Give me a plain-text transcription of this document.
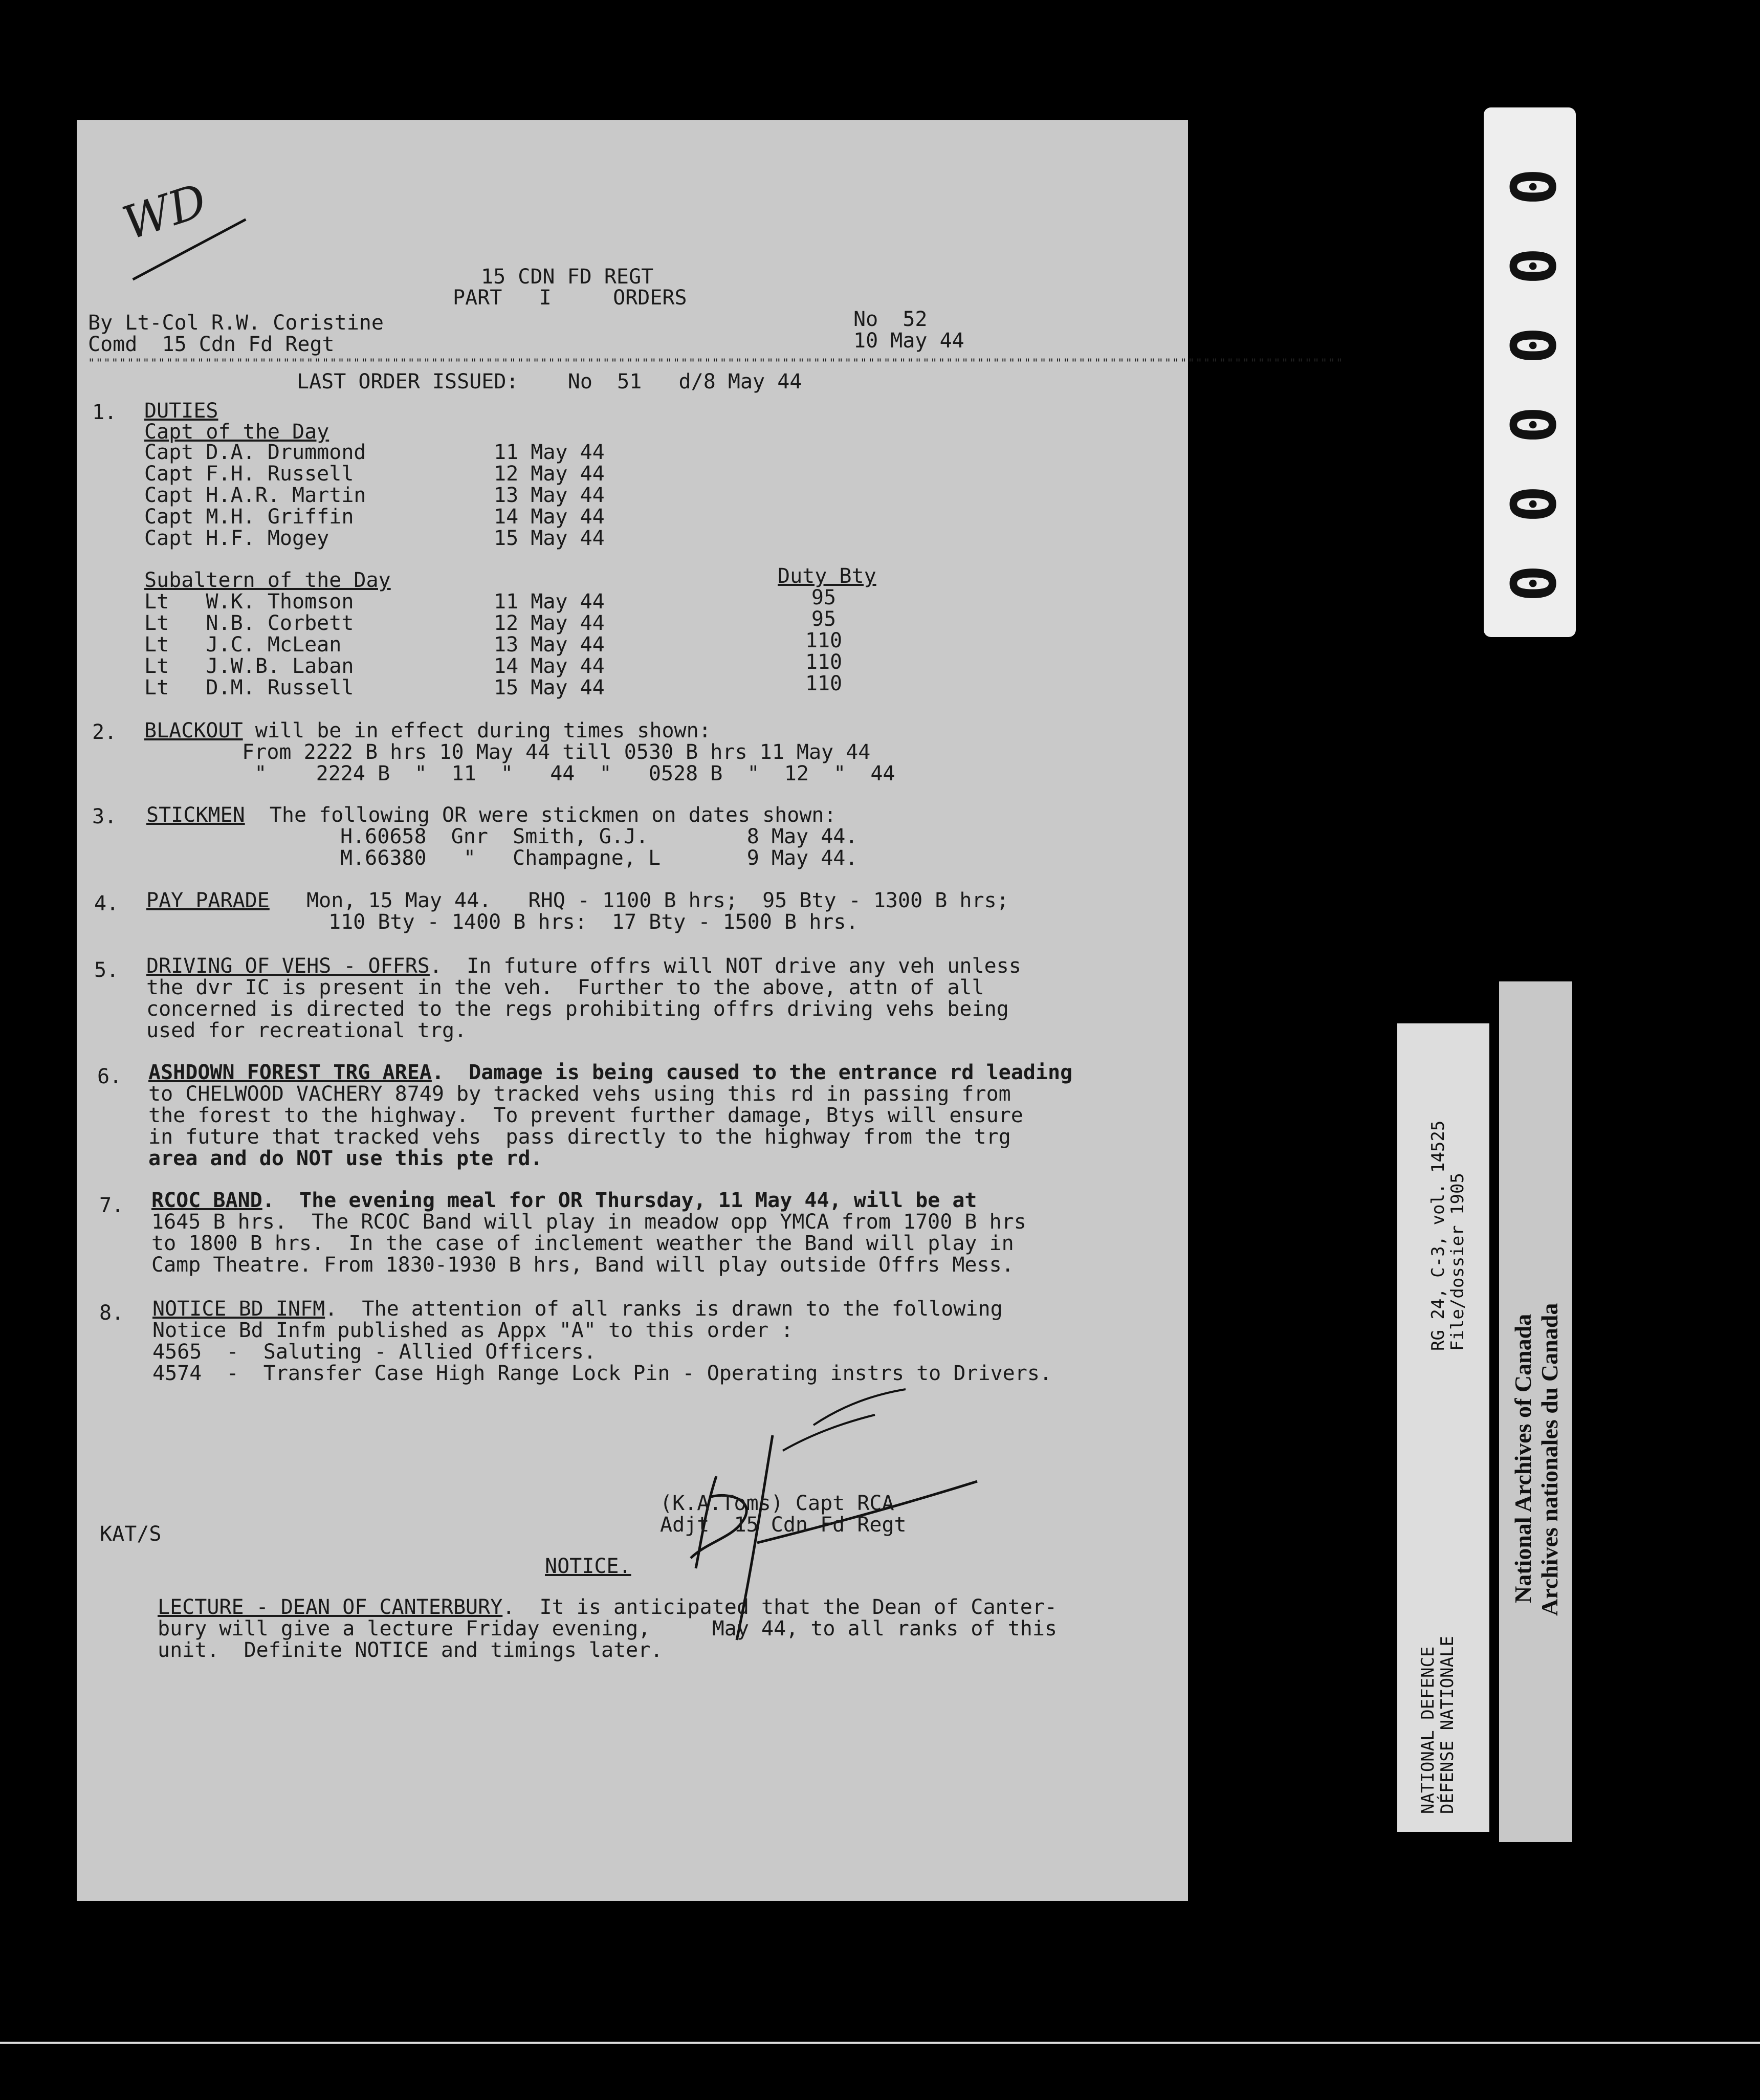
WD
15 CDN FD REGT
PART   I     ORDERS
By Lt-Col R.W. Coristine
Comd  15 Cdn Fd Regt
No  52
10 May 44
"""""""""""""""""""""""""""""""""""""""""""""""""""""""""""""""""""""""""""""""""""""""""""""""""""""""""""""""""""""""""""""""""""""""""""""""""""""""""""""""""
LAST ORDER ISSUED:    No  51   d/8 May 44
1. DUTIES
Capt of the Day
Capt D.A. Drummond	11 May 44
Capt F.H. Russell	12 May 44
Capt H.A.R. Martin	13 May 44
Capt M.H. Griffin	14 May 44
Capt H.F. Mogey	15 May 44
Subaltern of the Day	Duty Bty
Lt   W.K. Thomson	11 May 44	95
Lt   N.B. Corbett	12 May 44	95
Lt   J.C. McLean	13 May 44	110
Lt   J.W.B. Laban	14 May 44	110
Lt   D.M. Russell	15 May 44	110
2. BLACKOUT will be in effect during times shown:
From 2222 B hrs 10 May 44 till 0530 B hrs 11 May 44
"    2224 B  "  11  "   44  "   0528 B  "  12  "  44
3. STICKMEN  The following OR were stickmen on dates shown:
H.60658  Gnr  Smith, G.J.        8 May 44.
M.66380   "   Champagne, L       9 May 44.
4. PAY PARADE   Mon, 15 May 44.   RHQ - 1100 B hrs;  95 Bty - 1300 B hrs;
110 Bty - 1400 B hrs:  17 Bty - 1500 B hrs.
5. DRIVING OF VEHS - OFFRS.  In future offrs will NOT drive any veh unless
the dvr IC is present in the veh.  Further to the above, attn of all
concerned is directed to the regs prohibiting offrs driving vehs being
used for recreational trg.
6. ASHDOWN FOREST TRG AREA.  Damage is being caused to the entrance rd leading
to CHELWOOD VACHERY 8749 by tracked vehs using this rd in passing from
the forest to the highway.  To prevent further damage, Btys will ensure
in future that tracked vehs  pass directly to the highway from the trg
area and do NOT use this pte rd.
7. RCOC BAND.  The evening meal for OR Thursday, 11 May 44, will be at
1645 B hrs.  The RCOC Band will play in meadow opp YMCA from 1700 B hrs
to 1800 B hrs.  In the case of inclement weather the Band will play in
Camp Theatre. From 1830-1930 B hrs, Band will play outside Offrs Mess.
8. NOTICE BD INFM.  The attention of all ranks is drawn to the following
Notice Bd Infm published as Appx "A" to this order :
4565  -  Saluting - Allied Officers.
4574  -  Transfer Case High Range Lock Pin - Operating instrs to Drivers.
(K.A.Toms) Capt RCA
Adjt  15 Cdn Fd Regt
KAT/S
NOTICE.
LECTURE - DEAN OF CANTERBURY.  It is anticipated that the Dean of Canter-
bury will give a lecture Friday evening,     May 44, to all ranks of this
unit.  Definite NOTICE and timings later.
0
0
0
0
0
0
RG 24, C-3, vol. 14525
File/dossier 1905
NATIONAL DEFENCE
DÉFENSE NATIONALE
National Archives of Canada Archives nationales du Canada
